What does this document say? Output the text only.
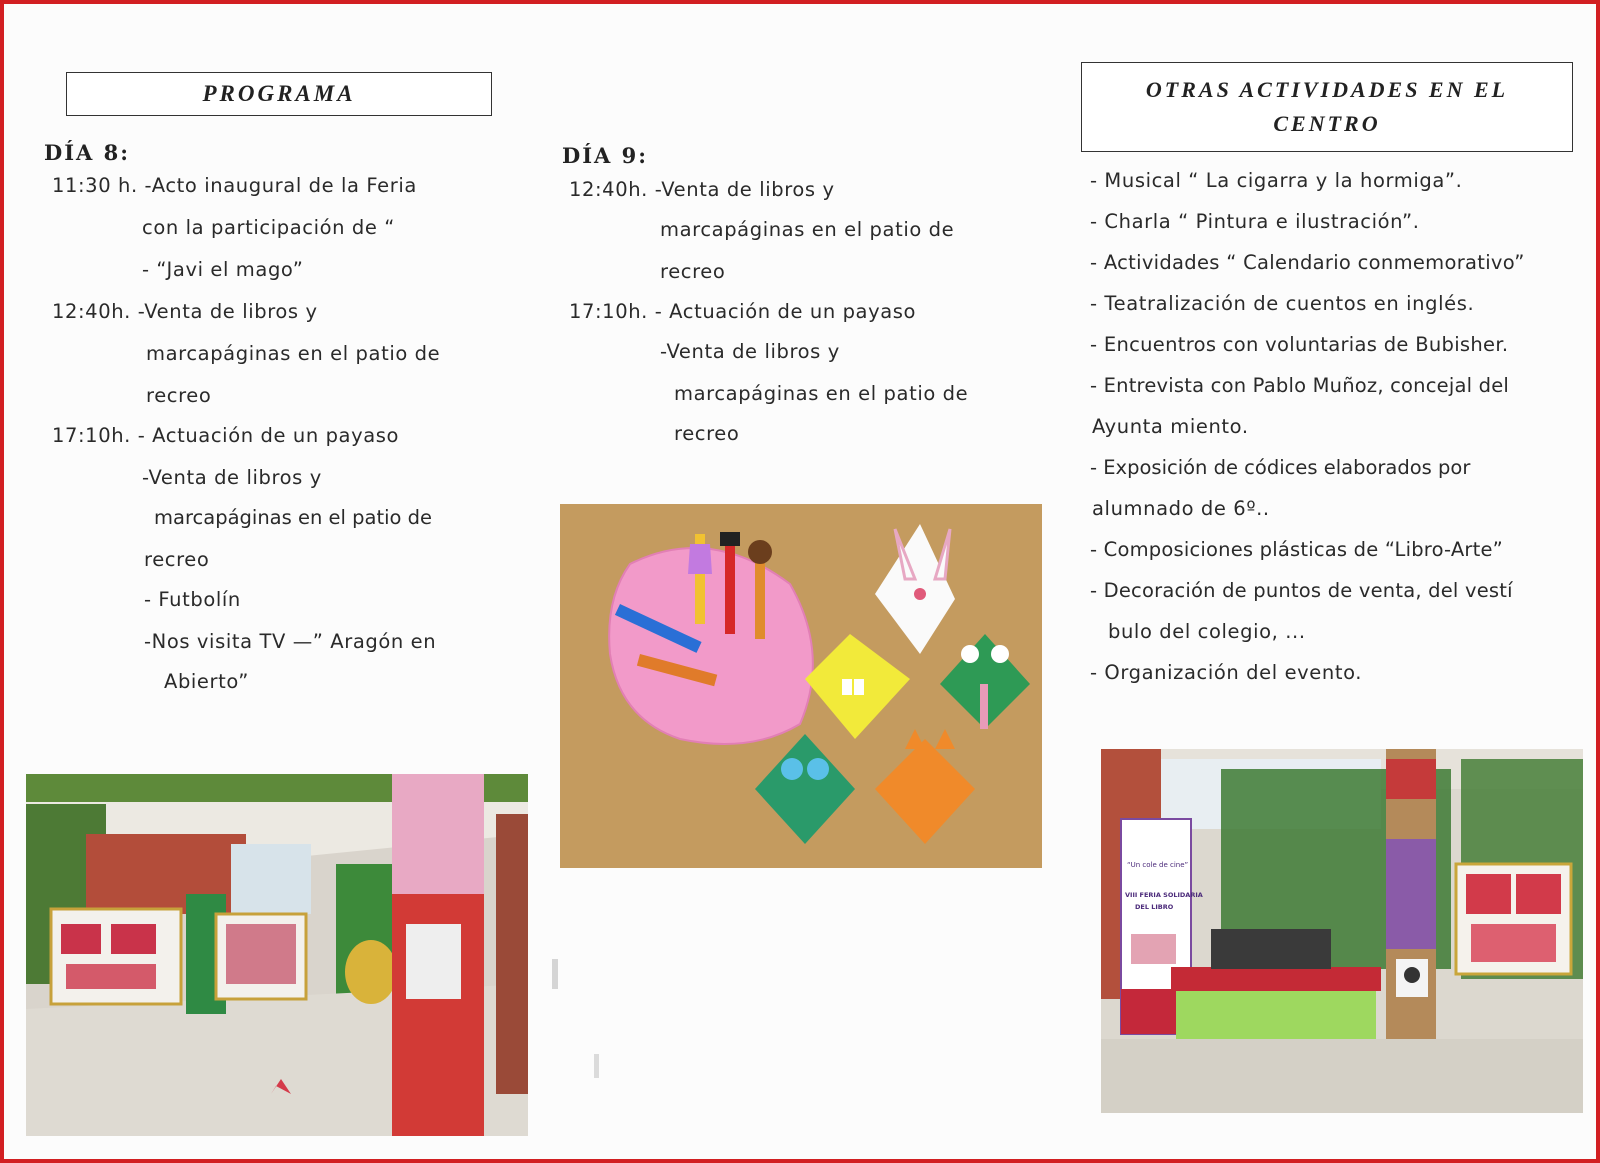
PROGRAMA
DÍA 8:
11:30 h. -Acto inaugural de la Feria
con la participación de “
- “Javi el mago”
12:40h. -Venta de libros y
marcapáginas en el patio de
recreo
17:10h. - Actuación de un payaso
-Venta de libros y
marcapáginas en el patio de
recreo
- Futbolín
-Nos visita TV —” Aragón en
Abierto”
DÍA 9:
12:40h. -Venta de libros y
marcapáginas en el patio de
recreo
17:10h. - Actuación de un payaso
-Venta de libros y
marcapáginas en el patio de
recreo
OTRAS ACTIVIDADES EN EL
CENTRO
- Musical “ La cigarra y la hormiga”.
- Charla “ Pintura e ilustración”.
- Actividades “ Calendario conmemorativo”
- Teatralización de cuentos en inglés.
- Encuentros con voluntarias de Bubisher.
- Entrevista con Pablo Muñoz, concejal del
Ayunta miento.
- Exposición de códices elaborados por
alumnado de 6º..
- Composiciones plásticas de “Libro-Arte”
- Decoración de puntos de venta, del vestí
bulo del colegio, ...
- Organización del evento.
“Un cole de cine”
VIII FERIA SOLIDARIA
DEL LIBRO
